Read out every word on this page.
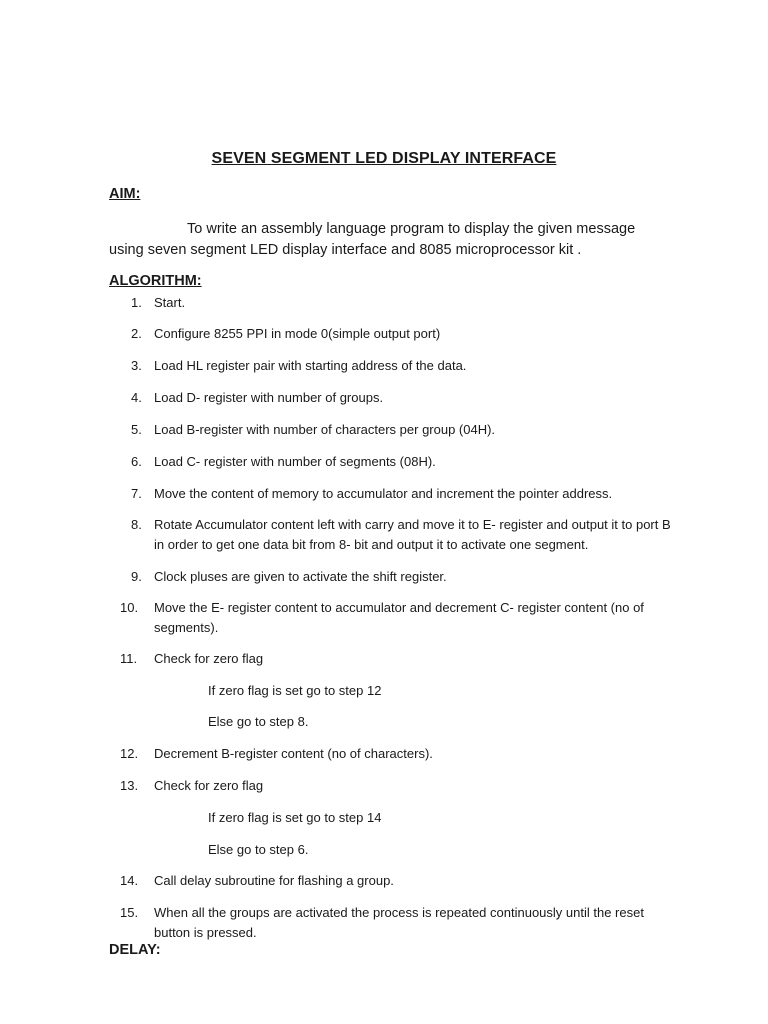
SEVEN SEGMENT LED DISPLAY INTERFACE
AIM:
To write an assembly language program to display the given message using seven segment LED display interface and 8085 microprocessor kit .
ALGORITHM:
1. Start.
2. Configure 8255 PPI in mode 0(simple output port)
3. Load HL register pair with starting address of the data.
4. Load D- register with number of groups.
5. Load B-register with number of characters per group (04H).
6. Load C- register with number of segments (08H).
7. Move the content of memory to accumulator and increment the pointer address.
8. Rotate Accumulator content left with carry and move it to E- register and output it to port B in order to get one data bit from 8- bit and output it to activate one segment.
9. Clock pluses are given to activate the shift register.
10.	Move the E- register content to accumulator and decrement C- register content (no of segments).
11.	Check for zero flag
If zero flag is set go to step 12
Else go to step 8.
12.	Decrement B-register content (no of characters).
13.	Check for zero flag
If zero flag is set go to step 14
Else go to step 6.
14.	Call delay subroutine for flashing a group.
15.	When all the groups are activated the process is repeated continuously until the reset button is pressed.
DELAY:
